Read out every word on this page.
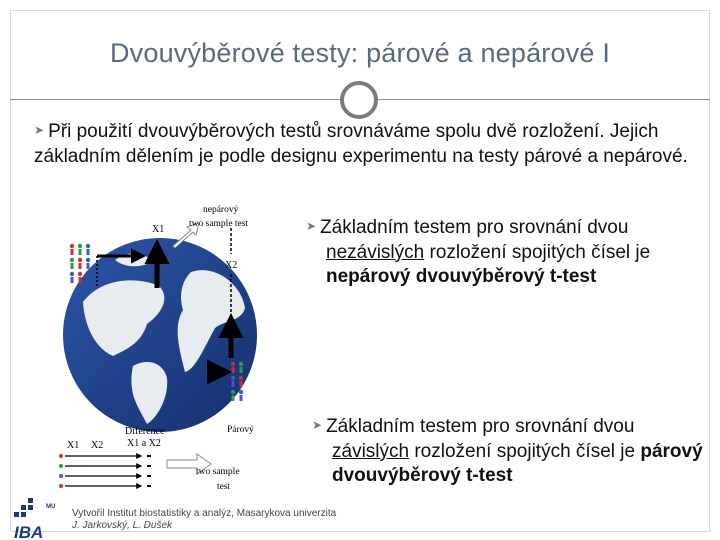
Dvouvýběrové testy: párové a nepárové I
➤ Při použití dvouvýběrových testů srovnáváme spolu dvě rozložení. Jejich základním dělením je podle designu experimentu na testy párové a nepárové.
➤ Základním testem pro srovnání dvou
nezávislých rozložení spojitých čísel je nepárový dvouvýběrový t-test
➤ Základním testem pro srovnání dvou
závislých rozložení spojitých čísel je párový dvouvýběrový t-test
X1
nepárový
two sample test
X2
Diference
X1 a X2
X1 X2
Párový
two sample
test
MU
IBA
Vytvořil Institut biostatistiky a analýz, Masarykova univerzita
J. Jarkovský, L. Dušek
